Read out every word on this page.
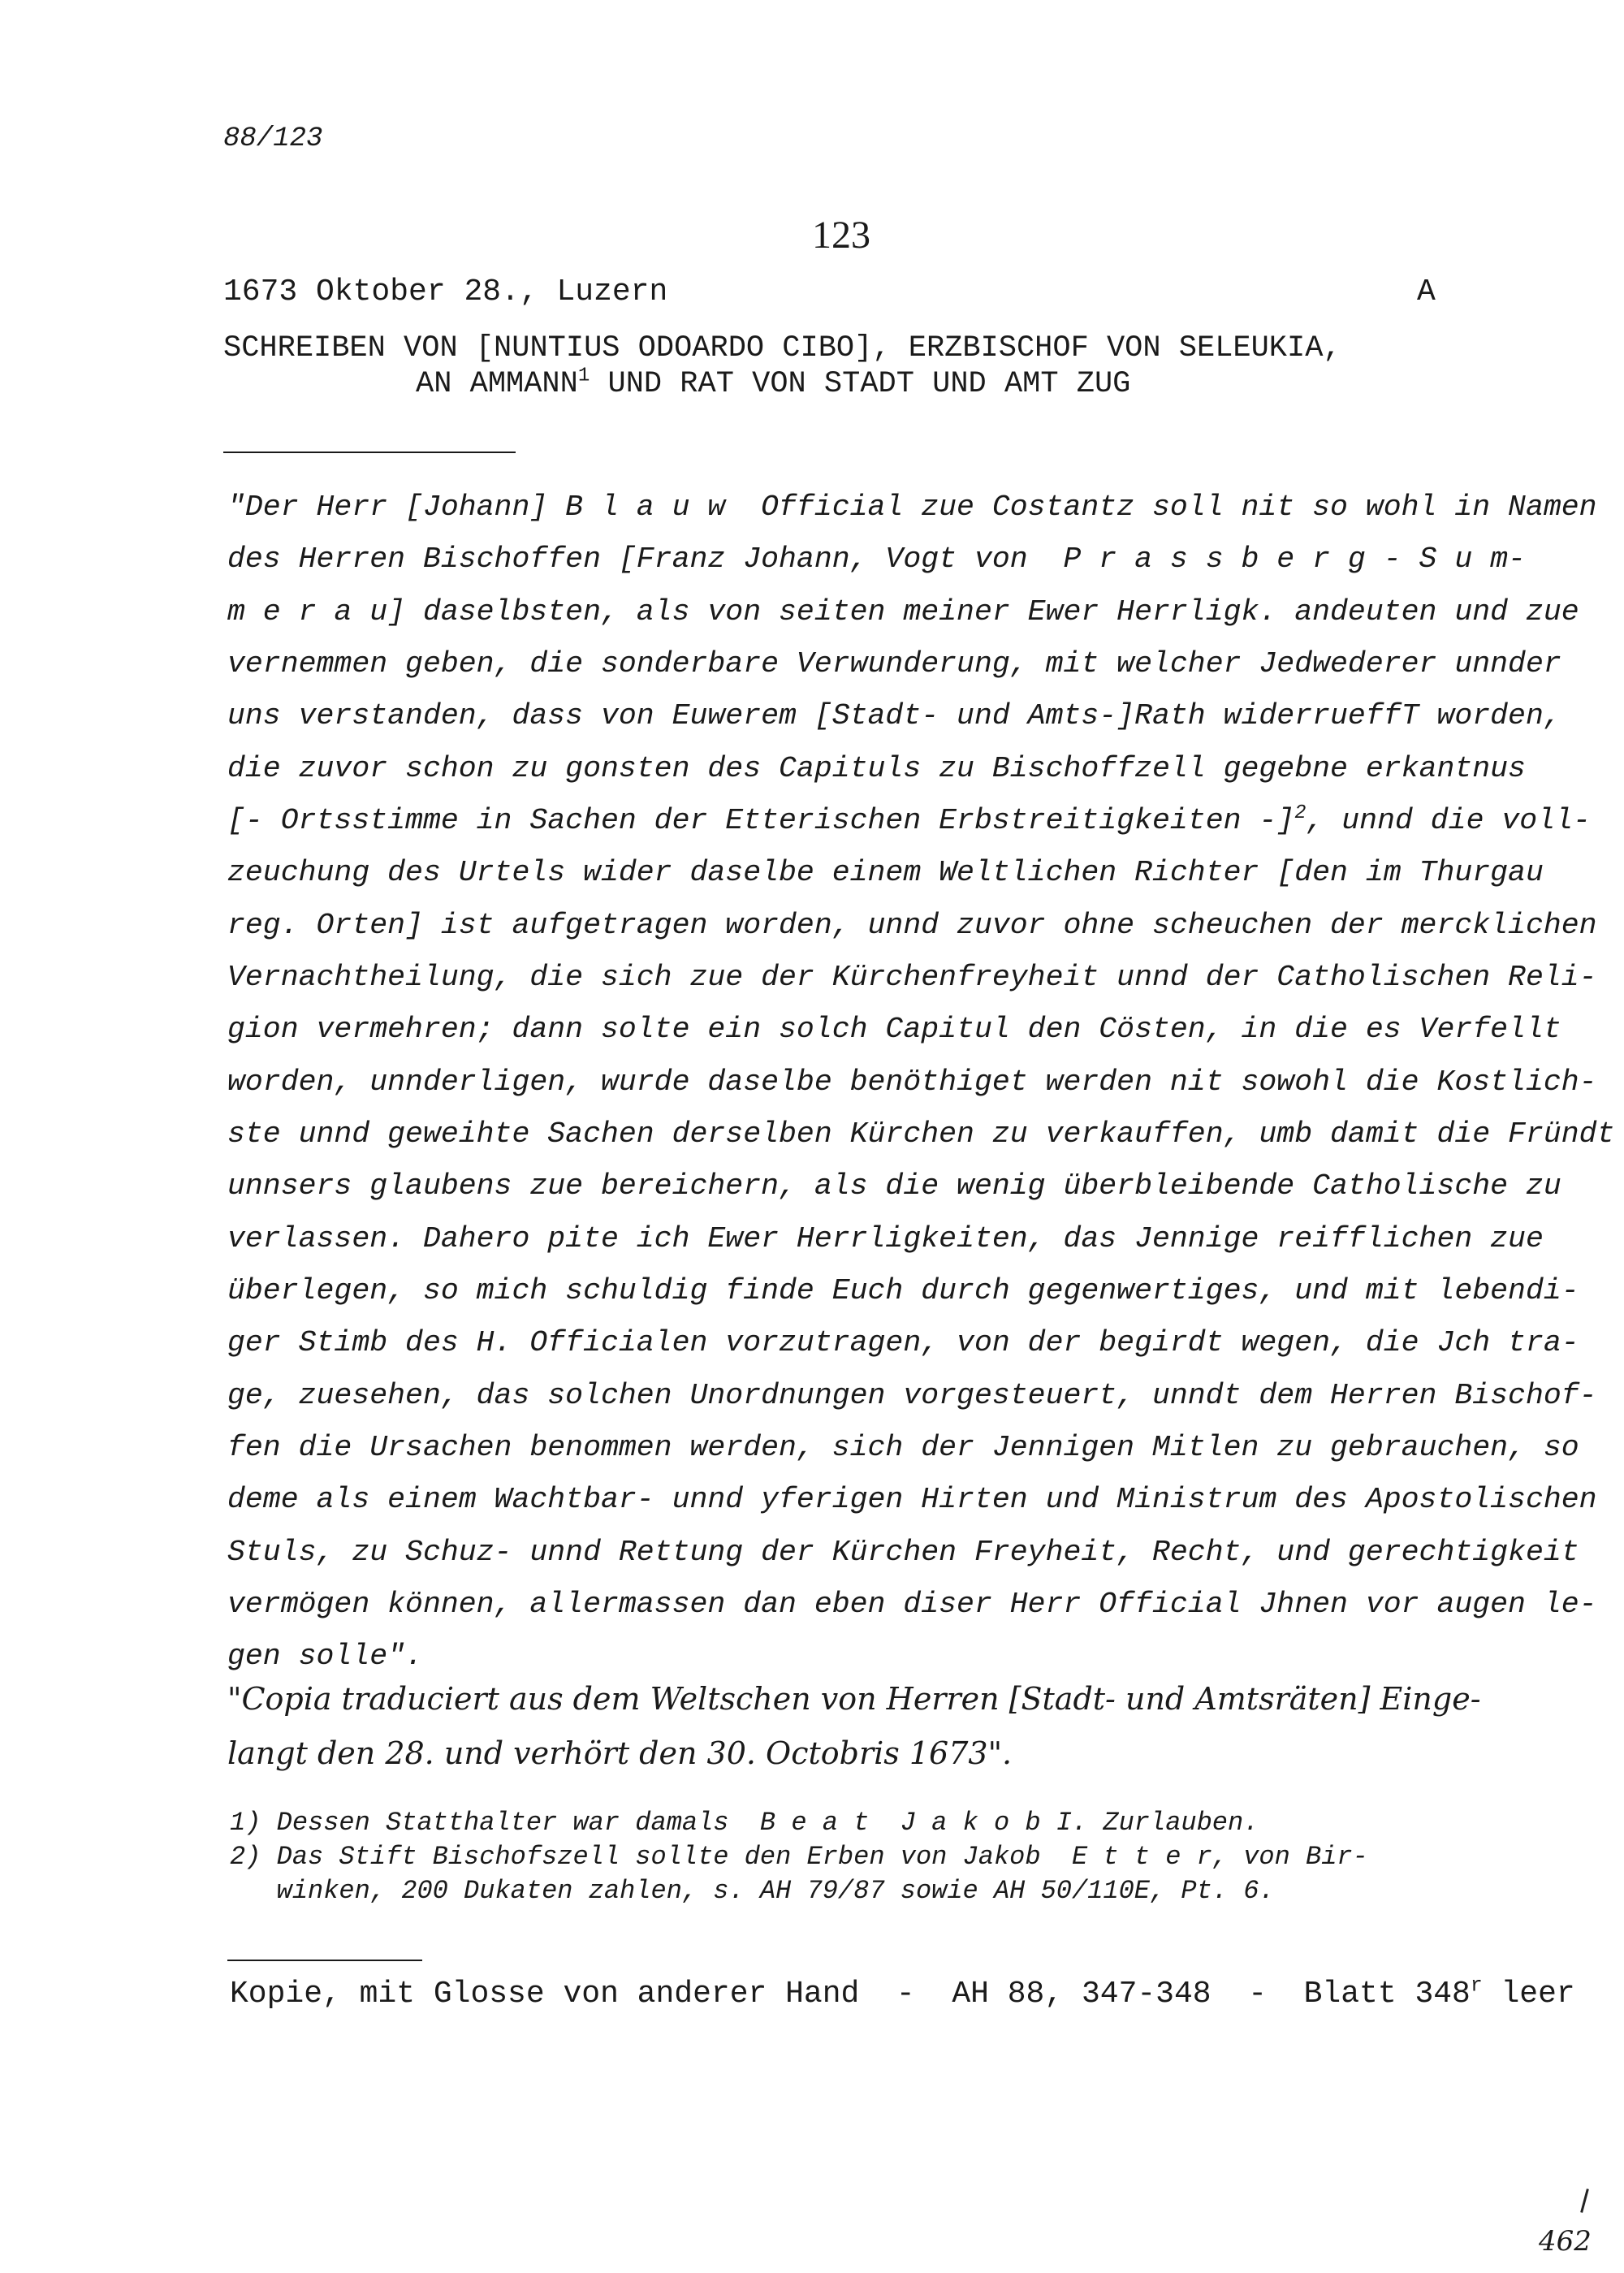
88/123
123
1673 Oktober 28., Luzern	A
SCHREIBEN VON [NUNTIUS ODOARDO CIBO], ERZBISCHOF VON SELEUKIA,
AN AMMANN$^1$ UND RAT VON STADT UND AMT ZUG
"Der Herr [Johann] B l a u w  Official zue Costantz soll nit so wohl in Namen
des Herren Bischoffen [Franz Johann, Vogt von  P r a s s b e r g - S u m-
m e r a u] daselbsten, als von seiten meiner Ewer Herrligk. andeuten und zue
vernemmen geben, die sonderbare Verwunderung, mit welcher Jedwederer unnder
uns verstanden, dass von Euwerem [Stadt- und Amts-]Rath widerrueffT worden,
die zuvor schon zu gonsten des Capituls zu Bischoffzell gegebne erkantnus
[- Ortsstimme in Sachen der Etterischen Erbstreitigkeiten -]$^2$, unnd die voll-
zeuchung des Urtels wider daselbe einem Weltlichen Richter [den im Thurgau
reg. Orten] ist aufgetragen worden, unnd zuvor ohne scheuchen der mercklichen
Vernachtheilung, die sich zue der Kürchenfreyheit unnd der Catholischen Reli-
gion vermehren; dann solte ein solch Capitul den Cösten, in die es Verfellt
worden, unnderligen, wurde daselbe benöthiget werden nit sowohl die Kostlich-
ste unnd geweihte Sachen derselben Kürchen zu verkauffen, umb damit die Fründt
unnsers glaubens zue bereichern, als die wenig überbleibende Catholische zu
verlassen. Dahero pite ich Ewer Herrligkeiten, das Jennige reifflichen zue
überlegen, so mich schuldig finde Euch durch gegenwertiges, und mit lebendi-
ger Stimb des H. Officialen vorzutragen, von der begirdt wegen, die Jch tra-
ge, zuesehen, das solchen Unordnungen vorgesteuert, unndt dem Herren Bischof-
fen die Ursachen benommen werden, sich der Jennigen Mitlen zu gebrauchen, so
deme als einem Wachtbar- unnd yferigen Hirten und Ministrum des Apostolischen
Stuls, zu Schuz- unnd Rettung der Kürchen Freyheit, Recht, und gerechtigkeit
vermögen können, allermassen dan eben diser Herr Official Jhnen vor augen le-
gen solle".
"Copia traduciert aus dem Weltschen von Herren [Stadt- und Amtsräten] Einge-
langt den 28. und verhört den 30. Octobris 1673".
1) Dessen Statthalter war damals  B e a t  J a k o b I. Zurlauben.
2) Das Stift Bischofszell sollte den Erben von Jakob  E t t e r, von Bir-
winken, 200 Dukaten zahlen, s. AH 79/87 sowie AH 50/110E, Pt. 6.
Kopie, mit Glosse von anderer Hand  -  AH 88, 347-348  -  Blatt 348$^r$ leer
462
